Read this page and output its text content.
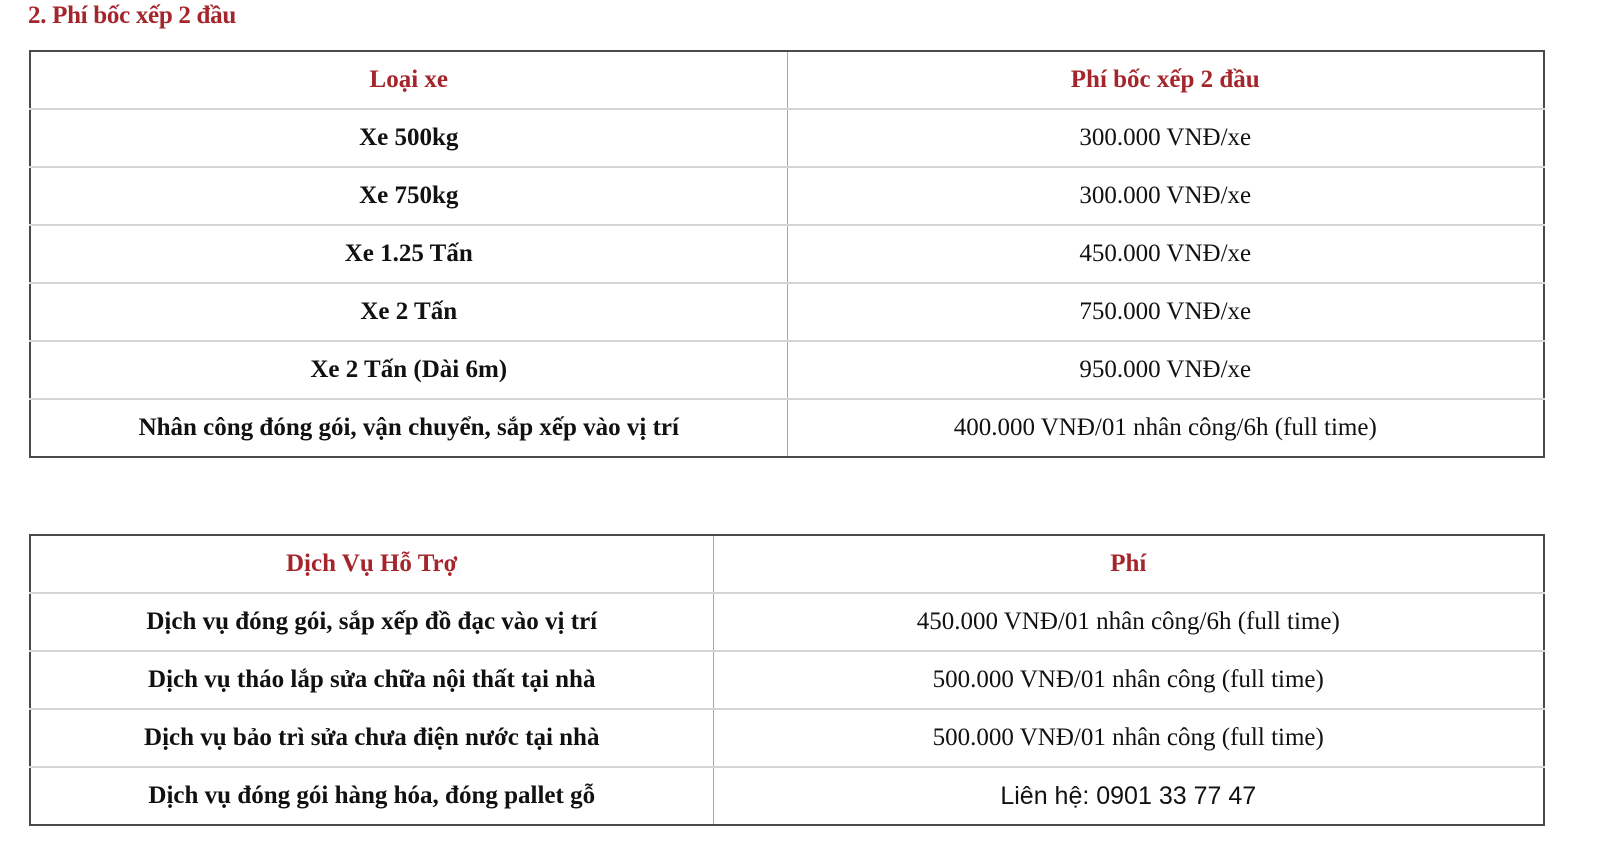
2. Phí bốc xếp 2 đầu
Loại xe	Phí bốc xếp 2 đầu
Xe 500kg	300.000 VNĐ/xe
Xe 750kg	300.000 VNĐ/xe
Xe 1.25 Tấn	450.000 VNĐ/xe
Xe 2 Tấn	750.000 VNĐ/xe
Xe 2 Tấn (Dài 6m)	950.000 VNĐ/xe
Nhân công đóng gói, vận chuyển, sắp xếp vào vị trí	400.000 VNĐ/01 nhân công/6h (full time)
Dịch Vụ Hỗ Trợ	Phí
Dịch vụ đóng gói, sắp xếp đồ đạc vào vị trí	450.000 VNĐ/01 nhân công/6h (full time)
Dịch vụ tháo lắp sửa chữa nội thất tại nhà	500.000 VNĐ/01 nhân công (full time)
Dịch vụ bảo trì sửa chưa điện nước tại nhà	500.000 VNĐ/01 nhân công (full time)
Dịch vụ đóng gói hàng hóa, đóng pallet gỗ	Liên hệ: 0901 33 77 47
